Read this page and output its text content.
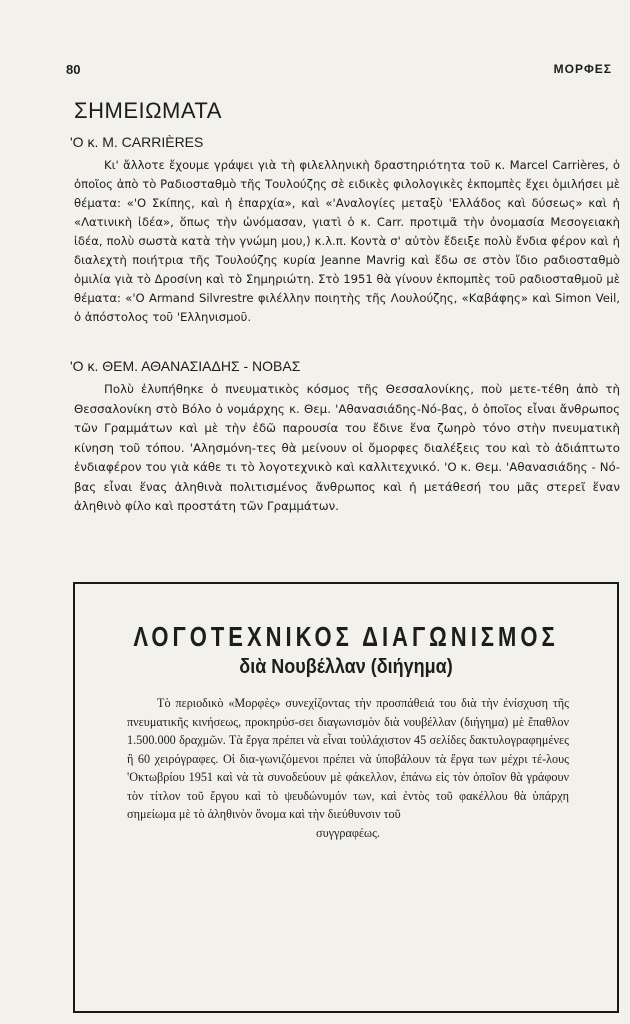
80	ΜΟΡΦΕΣ
ΣΗΜΕΙΩΜΑΤΑ
'Ο κ. Μ. CARRIÈRES
Κι' ἄλλοτε ἔχουμε γράψει γιὰ τὴ φιλελληνικὴ δραστηριότητα τοῦ κ. Marcel Carrières, ὁ ὁποῖος ἀπὸ τὸ Ραδιοσταθμὸ τῆς Τουλούζης σὲ ειδικὲς φιλολογικὲς ἐκπομπὲς ἔχει ὁμιλήσει μὲ θέματα: «'Ο Σκίπης, καὶ ἡ ἐπαρχία», καὶ «'Αναλογίες μεταξὺ 'Ελλάδος καὶ δύσεως» καὶ ἡ «Λατινικὴ ἰδέα», ὅπως τὴν ὠνόμασαν, γιατὶ ὁ κ. Carr. προτιμᾶ τὴν ὀνομασία Μεσογειακὴ ἰδέα, πολὺ σωστὰ κατὰ τὴν γνώμη μου,) κ.λ.π. Κοντὰ σ' αὐτὸν ἔδειξε πολὺ ἔνδια φέρον καὶ ἡ διαλεχτὴ ποιήτρια τῆς Τουλούζης κυρία Jeanne Mavrig καὶ ἔδω σε στὸν ἴδιο ραδιοσταθμὸ ὁμιλία γιὰ τὸ Δροσίνη καὶ τὸ Σημηριώτη. Στὸ 1951 θὰ γίνουν ἐκπομπὲς τοῦ ραδιοσταθμοῦ μὲ θέματα: «'Ο Armand Silvrestre φιλέλλην ποιητὴς τῆς Λουλούζης, «Καβάφης» καὶ Simon Veil, ὁ ἀπόστολος τοῦ 'Ελληνισμοῦ.
'Ο κ. ΘΕΜ. ΑΘΑΝΑΣΙΑΔΗΣ - ΝΟΒΑΣ
Πολὺ ἐλυπήθηκε ὁ πνευματικὸς κόσμος τῆς Θεσσαλονίκης, ποὺ μετε-τέθη ἀπὸ τὴ Θεσσαλονίκη στὸ Βόλο ὁ νομάρχης κ. Θεμ. 'Αθανασιάδης-Νό-βας, ὁ ὁποῖος εἶναι ἄνθρωπος τῶν Γραμμάτων καὶ μὲ τὴν ἐδῶ παρουσία του ἔδινε ἕνα ζωηρὸ τόνο στὴν πνευματικὴ κίνηση τοῦ τόπου. 'Αλησμόνη-τες θὰ μείνουν οἱ ὄμορφες διαλέξεις του καὶ τὸ ἀδιάπτωτο ἐνδιαφέρον του γιὰ κάθε τι τὸ λογοτεχνικὸ καὶ καλλιτεχνικό. 'Ο κ. Θεμ. 'Αθανασιάδης - Νό-βας εἶναι ἕνας ἀληθινὰ πολιτισμένος ἄνθρωπος καὶ ἡ μετάθεσή του μᾶς στερεῖ ἕναν ἀληθινὸ φίλο καὶ προστάτη τῶν Γραμμάτων.
ΛΟΓΟΤΕΧΝΙΚΟΣ ΔΙΑΓΩΝΙΣΜΟΣ
διὰ Νουβέλλαν (διήγημα)
Τὸ περιοδικὸ «Μορφὲς» συνεχίζοντας τὴν προσπάθειά του διὰ τὴν ἐνίσχυση τῆς πνευματικῆς κινήσεως, προκηρύσ-σει διαγωνισμὸν διὰ νουβέλλαν (διήγημα) μὲ ἔπαθλον 1.500.000 δραχμῶν. Τὰ ἔργα πρέπει νὰ εἶναι τοὐλάχιστον 45 σελίδες δακτυλογραφημένες ἢ 60 χειρόγραφες. Οἱ δια-γωνιζόμενοι πρέπει νὰ ὑποβάλουν τὰ ἔργα των μέχρι τέ-λους 'Οκτωβρίου 1951 καὶ νὰ τὰ συνοδεύουν μὲ φάκελλον, ἐπάνω εἰς τὸν ὁποῖον θὰ γράφουν τὸν τίτλον τοῦ ἔργου καὶ τὸ ψευδώνυμόν των, καὶ ἐντὸς τοῦ φακέλλου θὰ ὑπάρχη σημείωμα μὲ τὸ ἀληθινὸν ὄνομα καὶ τὴν διεύθυνσιν τοῦ
συγγραφέως.
